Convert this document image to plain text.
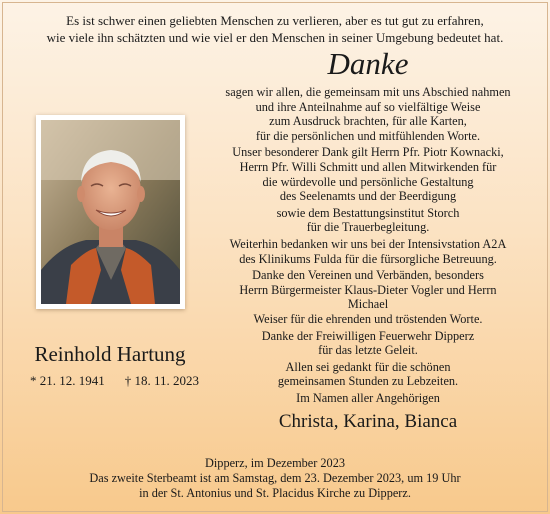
Es ist schwer einen geliebten Menschen zu verlieren, aber es tut gut zu erfahren,
wie viele ihn schätzten und wie viel er den Menschen in seiner Umgebung bedeutet hat.
Danke

sagen wir allen, die gemeinsam mit uns Abschied nahmen
und ihre Anteilnahme auf so vielfältige Weise
zum Ausdruck brachten, für alle Karten,
für die persönlichen und mitfühlenden Worte.

Unser besonderer Dank gilt Herrn Pfr. Piotr Kownacki,
Herrn Pfr. Willi Schmitt und allen Mitwirkenden für
die würdevolle und persönliche Gestaltung
des Seelenamts und der Beerdigung

sowie dem Bestattungsinstitut Storch
für die Trauerbegleitung.

Weiterhin bedanken wir uns bei der Intensivstation A2A
des Klinikums Fulda für die fürsorgliche Betreuung.

Danke den Vereinen und Verbänden, besonders
Herrn Bürgermeister Klaus-Dieter Vogler und Herrn Michael
Weiser für die ehrenden und tröstenden Worte.

Danke der Freiwilligen Feuerwehr Dipperz
für das letzte Geleit.

Allen sei gedankt für die schönen
gemeinsamen Stunden zu Lebzeiten.

Reinhold Hartung
* 21. 12. 1941 † 18. 11. 2023
Im Namen aller Angehörigen
Christa, Karina, Bianca
Dipperz, im Dezember 2023
Das zweite Sterbeamt ist am Samstag, dem 23. Dezember 2023, um 19 Uhr
in der St. Antonius und St. Placidus Kirche zu Dipperz.
